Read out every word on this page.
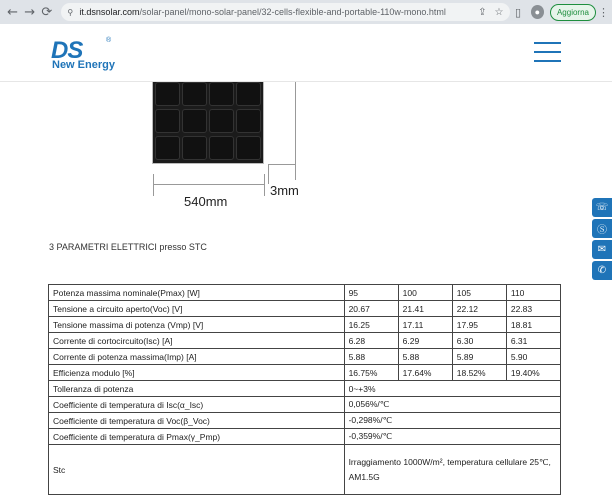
← → ⟳	⚲ it.dsnsolar.com /solar-panel/mono-solar-panel/32-cells-flexible-and-portable-110w-mono.html	⇪ ☆	▯	●	Aggiorna ⋮
DS	®
New Energy
3mm
540mm
3 PARAMETRI ELETTRICI presso STC
Potenza massima nominale(Pmax) [W]	95	100	105	110
Tensione a circuito aperto(Voc) [V]	20.67	21.41	22.12	22.83
Tensione massima di potenza (Vmp) [V]	16.25	17.11	17.95	18.81
Corrente di cortocircuito(Isc) [A]	6.28	6.29	6.30	6.31
Corrente di potenza massima(Imp) [A]	5.88	5.88	5.89	5.90
Efficienza modulo [%]	16.75%	17.64%	18.52%	19.40%
Tolleranza di potenza	0~+3%			
Coefficiente di temperatura di Isc(α_Isc)	0,056%/℃			
Coefficiente di temperatura di Voc(β_Voc)	-0,298%/℃			
Coefficiente di temperatura di Pmax(γ_Pmp)	-0,359%/℃			
Stc	Irraggiamento 1000W/m², temperatura cellulare 25℃, AM1.5G			
☏
Ⓢ
✉
✆
